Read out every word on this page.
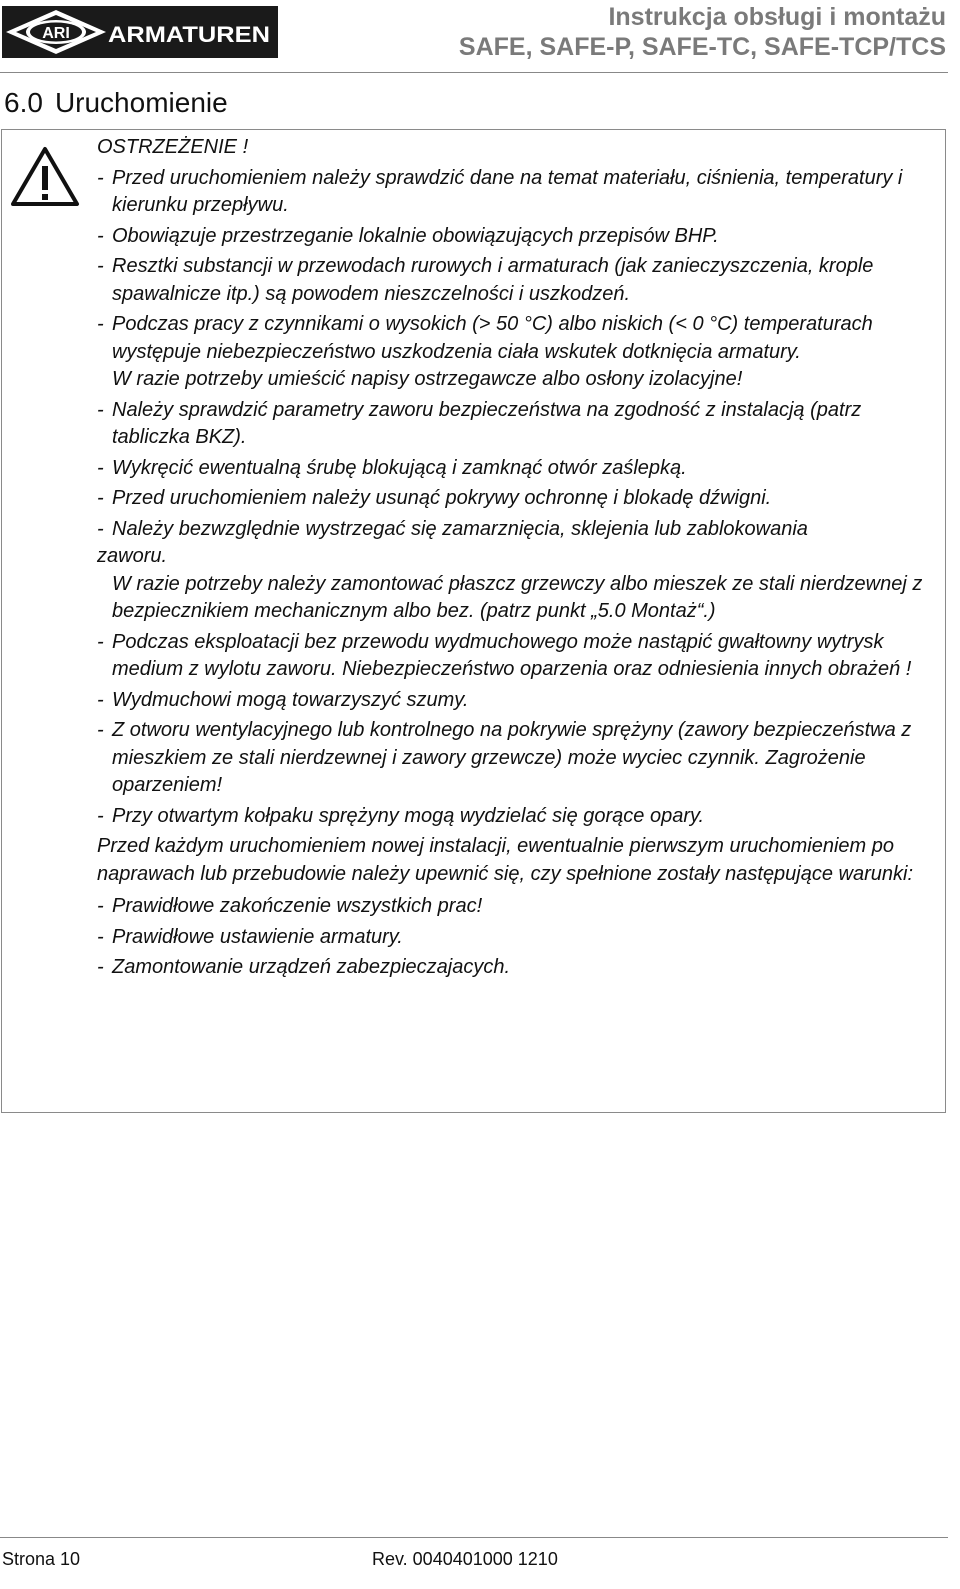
ARI ARMATUREN
Instrukcja obsługi i montażu
SAFE, SAFE-P, SAFE-TC, SAFE-TCP/TCS
6.0 Uruchomienie

OSTRZEŻENIE !

- Przed uruchomieniem należy sprawdzić dane na temat materiału, ciśnienia, temperatury i kierunku przepływu.

- Obowiązuje przestrzeganie lokalnie obowiązujących przepisów BHP.

- Resztki substancji w przewodach rurowych i armaturach (jak zanieczyszczenia, krople spawalnicze itp.) są powodem nieszczelności i uszkodzeń.

- Podczas pracy z czynnikami o wysokich (> 50 °C) albo niskich (< 0 °C) temperaturach występuje niebezpieczeństwo uszkodzenia ciała wskutek dotknięcia armatury.

W razie potrzeby umieścić napisy ostrzegawcze albo osłony izolacyjne!

- Należy sprawdzić parametry zaworu bezpieczeństwa na zgodność z instalacją (patrz tabliczka BKZ).

- Wykręcić ewentualną śrubę blokującą i zamknąć otwór zaślepką.

- Przed uruchomieniem należy usunąć pokrywy ochronnę i blokadę dźwigni.

- Należy bezwzględnie wystrzegać się zamarznięcia, sklejenia lub zablokowania

zaworu.

W razie potrzeby należy zamontować płaszcz grzewczy albo mieszek ze stali nierdzewnej z bezpiecznikiem mechanicznym albo bez. (patrz punkt „5.0 Montaż“.)

- Podczas eksploatacji bez przewodu wydmuchowego może nastąpić gwałtowny wytrysk medium z wylotu zaworu. Niebezpieczeństwo oparzenia oraz odniesienia innych obrażeń !

- Wydmuchowi mogą towarzyszyć szumy.

- Z otworu wentylacyjnego lub kontrolnego na pokrywie sprężyny (zawory bezpieczeństwa z mieszkiem ze stali nierdzewnej i zawory grzewcze) może wyciec czynnik. Zagrożenie oparzeniem!

- Przy otwartym kołpaku sprężyny mogą wydzielać się gorące opary.

Przed każdym uruchomieniem nowej instalacji, ewentualnie pierwszym uruchomieniem po naprawach lub przebudowie należy upewnić się, czy spełnione zostały następujące warunki:

- Prawidłowe zakończenie wszystkich prac!

- Prawidłowe ustawienie armatury.

- Zamontowanie urządzeń zabezpieczajacych.

Strona 10	Rev. 0040401000 1210
